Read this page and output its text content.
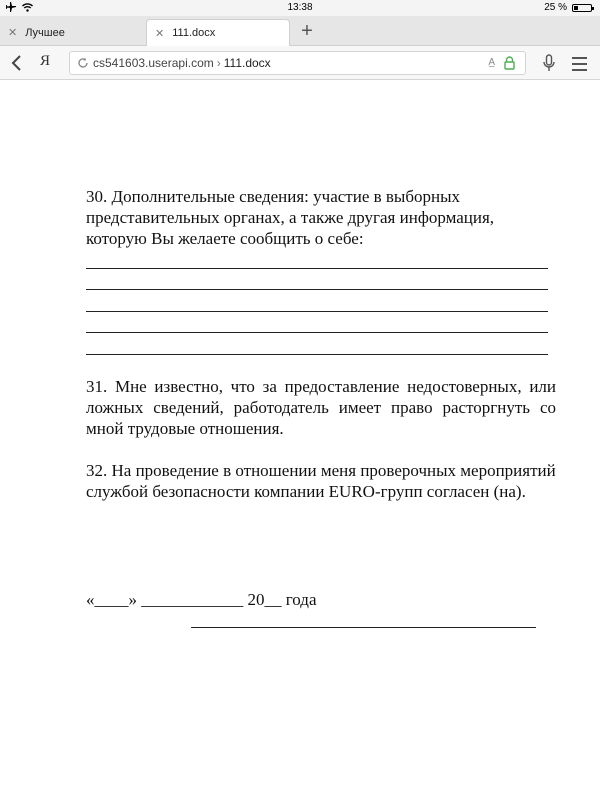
13:38	25 %
✕ Лучшее	✕ 111.docx	+
Я	cs541603.userapi.com › 111.docx	A̲

30. Дополнительные сведения: участие в выборных представительных органах, а также другая информация, которую Вы желаете сообщить о себе:

31. Мне известно, что за предоставление недостоверных, или ложных сведений, работодатель имеет право расторгнуть со мной трудовые отношения.

32. На проведение в отношении меня проверочных мероприятий службой безопасности компании EURO-групп согласен (на).

«____» ____________ 20__ года
